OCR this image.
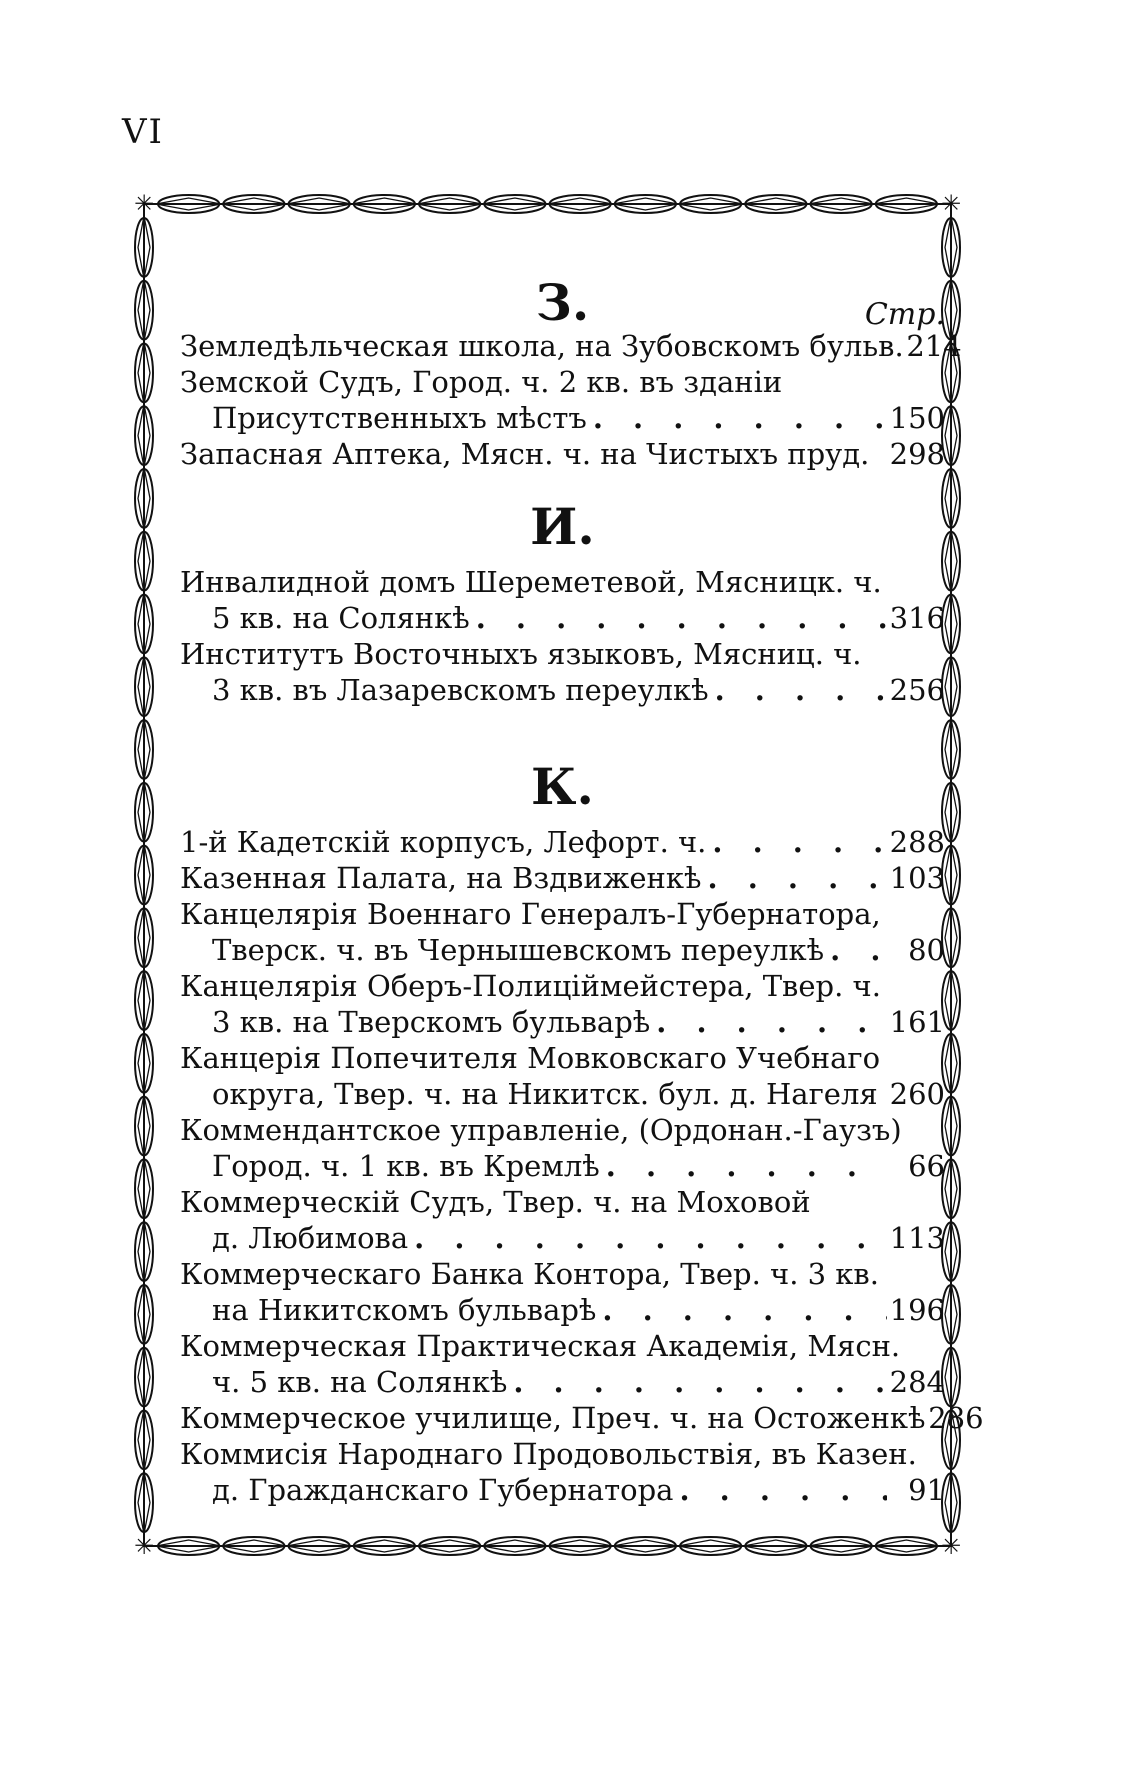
VI
✳	✳
✳	✳
З.	Стр.
Земледѣльческая школа, на Зубовскомъ бульв. 214
Земской Судъ, Город. ч. 2 кв. въ зданіи
Присутственныхъ мѣстъ . . .	150
Запасная Аптека, Мясн. ч. на Чистыхъ пруд. 298
И.
Инвалидной домъ Шереметевой, Мясницк. ч.
5 кв. на Солянкѣ . . .	316
Институтъ Восточныхъ языковъ, Мясниц. ч.
3 кв. въ Лазаревскомъ переулкѣ . . .	256
К.
1-й Кадетскій корпусъ, Лефорт. ч. . . .	288
Казенная Палата, на Вздвиженкѣ . . .	103
Канцелярія Военнаго Генералъ-Губернатора,
Тверск. ч. въ Чернышевскомъ переулкѣ . . .	80
Канцелярія Оберъ-Полицiймейстера, Твер. ч.
3 кв. на Тверскомъ бульварѣ . . .	161
Канцерія Попечителя Мовковскаго Учебнаго
округа, Твер. ч. на Никитск. бул. д. Нагеля 260
Коммендантское управленіе, (Ордонан.-Гаузъ)
Город. ч. 1 кв. въ Кремлѣ . . .	66
Коммерческій Судъ, Твер. ч. на Моховой
д. Любимова . . .	113
Коммерческаго Банка Контора, Твер. ч. 3 кв.
на Никитскомъ бульварѣ . . .	196
Коммерческая Практическая Академія, Мясн.
ч. 5 кв. на Солянкѣ . . .	284
Коммерческое училище, Преч. ч. на Остоженкѣ 286
Коммисія Народнаго Продовольствія, въ Казен.
д. Гражданскаго Губернатора . . .	91
